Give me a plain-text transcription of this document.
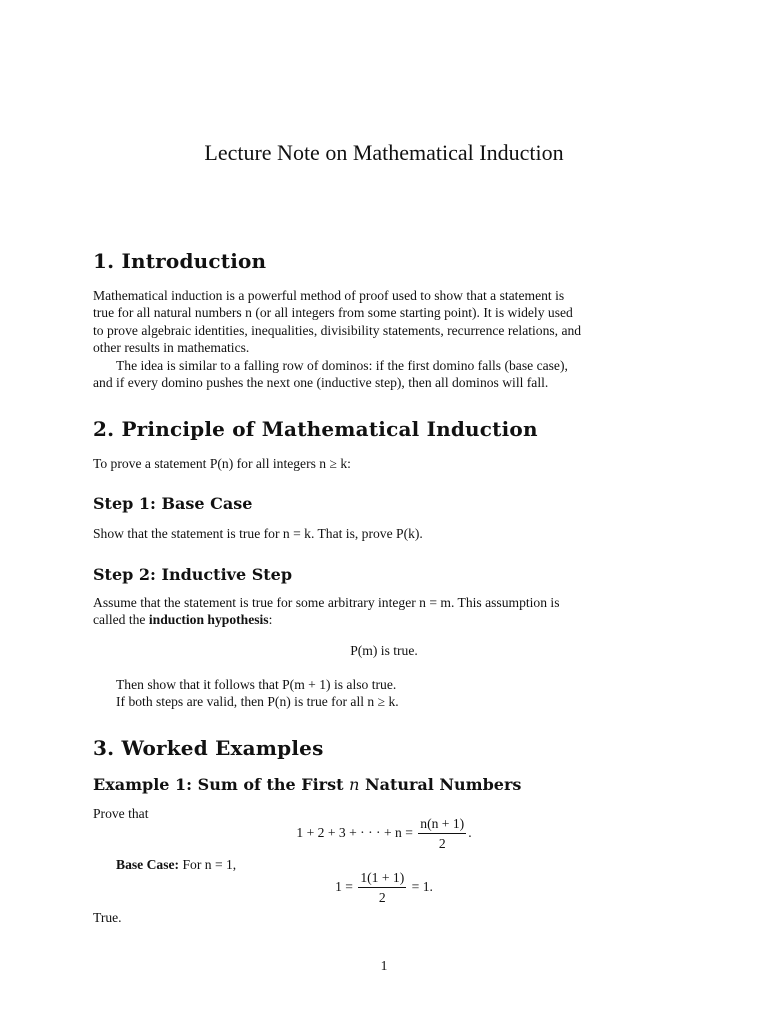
Lecture Note on Mathematical Induction
1. Introduction
Mathematical induction is a powerful method of proof used to show that a statement is
true for all natural numbers n (or all integers from some starting point). It is widely used
to prove algebraic identities, inequalities, divisibility statements, recurrence relations, and
other results in mathematics.
The idea is similar to a falling row of dominos: if the first domino falls (base case),
and if every domino pushes the next one (inductive step), then all dominos will fall.
2. Principle of Mathematical Induction
To prove a statement P(n) for all integers n ≥ k:
Step 1: Base Case
Show that the statement is true for n = k. That is, prove P(k).
Step 2: Inductive Step
Assume that the statement is true for some arbitrary integer n = m. This assumption is
called the induction hypothesis:
P(m) is true.
Then show that it follows that P(m + 1) is also true.
If both steps are valid, then P(n) is true for all n ≥ k.
3. Worked Examples
Example 1: Sum of the First n Natural Numbers
Prove that
1 + 2 + 3 + · · · + $n = \frac{n(n + 1)}{2}$ .
Base Case: For n = 1,
$1 = \frac{1(1 + 1)}{2} = 1$.
True.
1
